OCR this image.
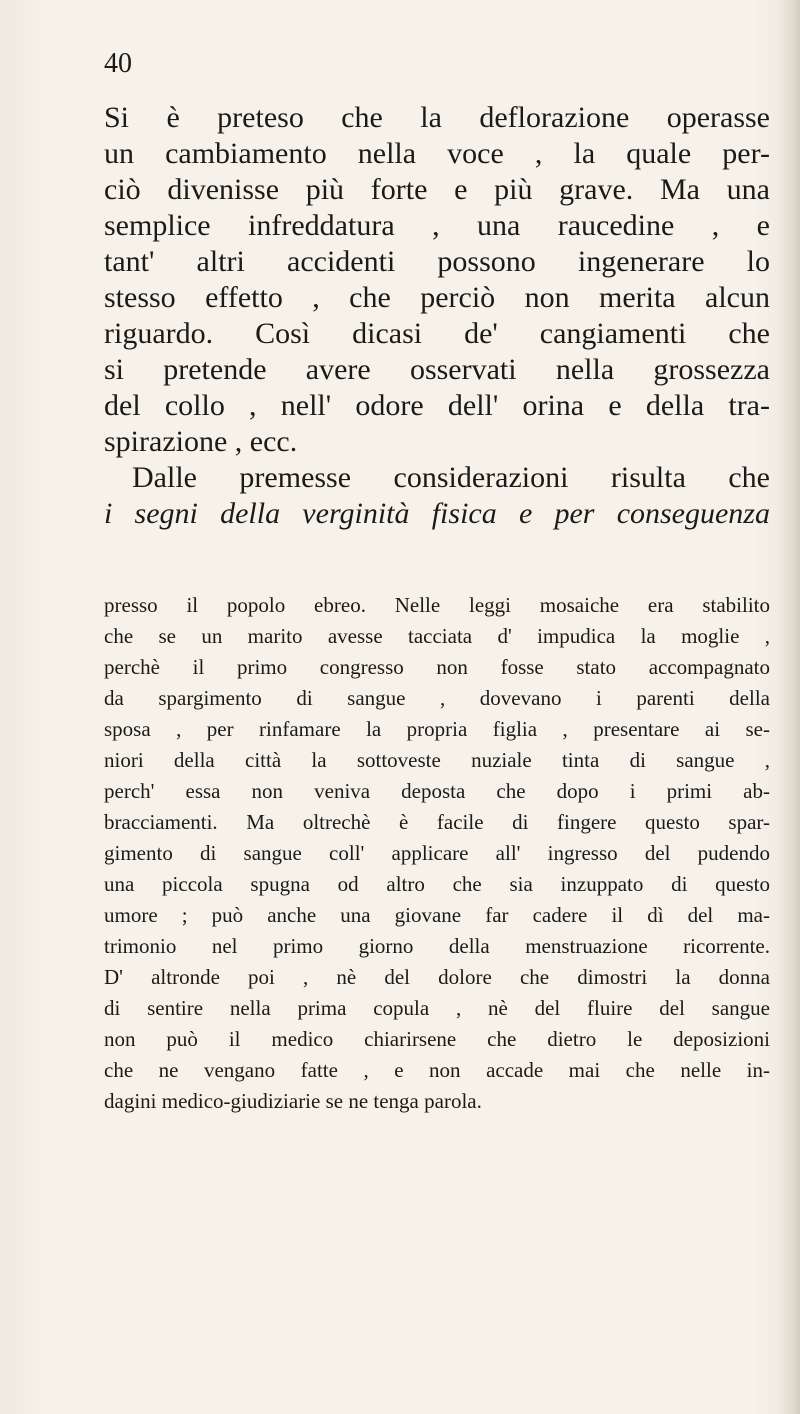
40
Si è preteso che la deflorazione operasse
un cambiamento nella voce , la quale per-
ciò divenisse più forte e più grave. Ma una
semplice infreddatura , una raucedine , e
tant' altri accidenti possono ingenerare lo
stesso effetto , che perciò non merita alcun
riguardo. Così dicasi de' cangiamenti che
si pretende avere osservati nella grossezza
del collo , nell' odore dell' orina e della tra-
spirazione , ecc.
Dalle premesse considerazioni risulta che
i segni della verginità fisica e per conseguenza
presso il popolo ebreo. Nelle leggi mosaiche era stabilito
che se un marito avesse tacciata d' impudica la moglie ,
perchè il primo congresso non fosse stato accompagnato
da spargimento di sangue , dovevano i parenti della
sposa , per rinfamare la propria figlia , presentare ai se-
niori della città la sottoveste nuziale tinta di sangue ,
perch' essa non veniva deposta che dopo i primi ab-
bracciamenti. Ma oltrechè è facile di fingere questo spar-
gimento di sangue coll' applicare all' ingresso del pudendo
una piccola spugna od altro che sia inzuppato di questo
umore ; può anche una giovane far cadere il dì del ma-
trimonio nel primo giorno della menstruazione ricorrente.
D' altronde poi , nè del dolore che dimostri la donna
di sentire nella prima copula , nè del fluire del sangue
non può il medico chiarirsene che dietro le deposizioni
che ne vengano fatte , e non accade mai che nelle in-
dagini medico-giudiziarie se ne tenga parola.
